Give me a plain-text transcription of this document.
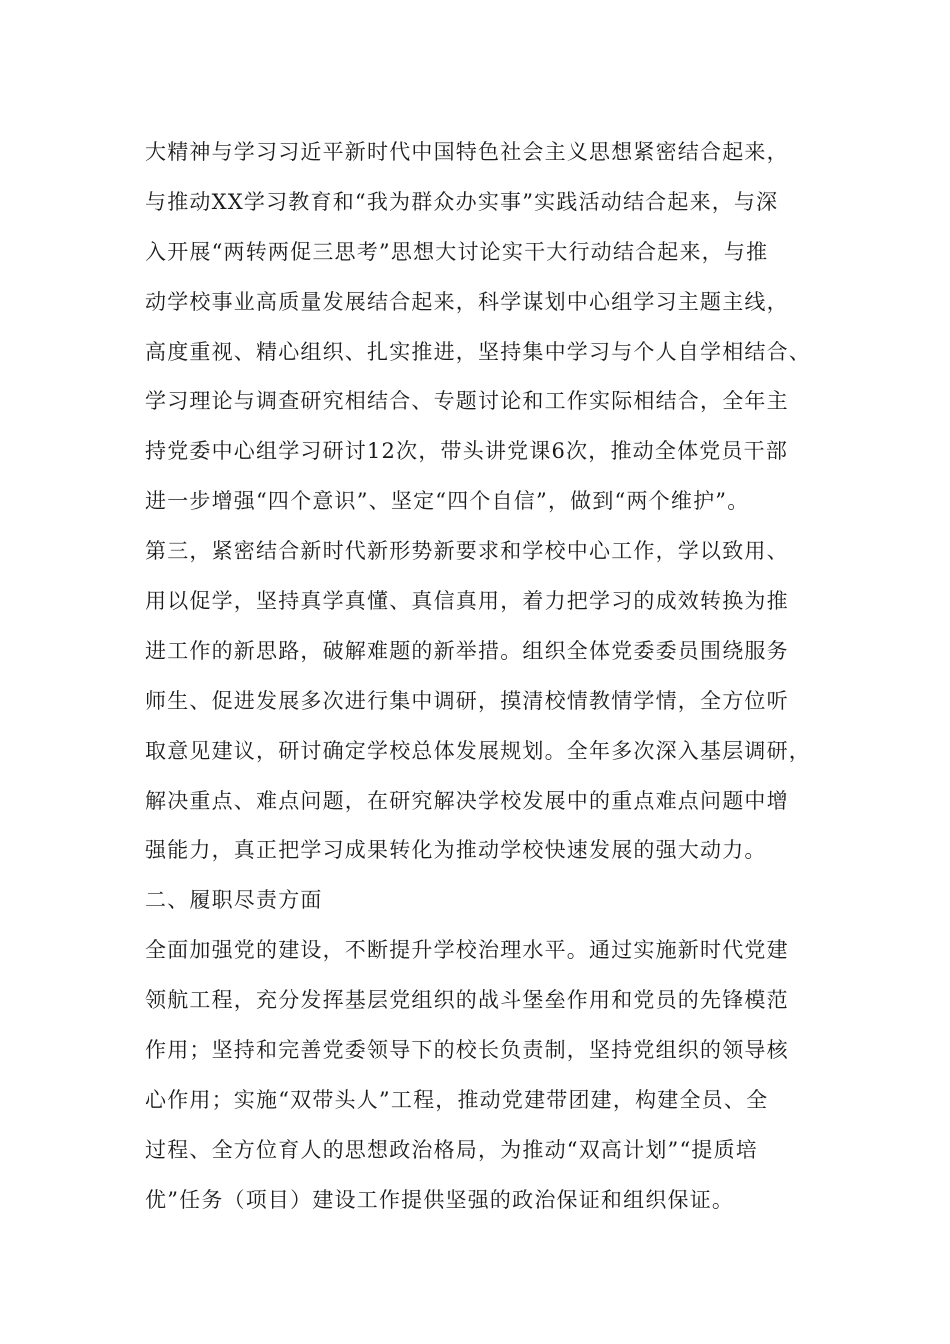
大精神与学习习近平新时代中国特色社会主义思想紧密结合起来，
与推动XX学习教育和“我为群众办实事”实践活动结合起来，与深
入开展“两转两促三思考”思想大讨论实干大行动结合起来，与推
动学校事业高质量发展结合起来，科学谋划中心组学习主题主线，
高度重视、精心组织、扎实推进，坚持集中学习与个人自学相结合、
学习理论与调查研究相结合、专题讨论和工作实际相结合，全年主
持党委中心组学习研讨12次，带头讲党课6次，推动全体党员干部
进一步增强“四个意识”、坚定“四个自信”，做到“两个维护”。
第三，紧密结合新时代新形势新要求和学校中心工作，学以致用、
用以促学，坚持真学真懂、真信真用，着力把学习的成效转换为推
进工作的新思路，破解难题的新举措。组织全体党委委员围绕服务
师生、促进发展多次进行集中调研，摸清校情教情学情，全方位听
取意见建议，研讨确定学校总体发展规划。全年多次深入基层调研，
解决重点、难点问题，在研究解决学校发展中的重点难点问题中增
强能力，真正把学习成果转化为推动学校快速发展的强大动力。
二、履职尽责方面
全面加强党的建设，不断提升学校治理水平。通过实施新时代党建
领航工程，充分发挥基层党组织的战斗堡垒作用和党员的先锋模范
作用；坚持和完善党委领导下的校长负责制，坚持党组织的领导核
心作用；实施“双带头人”工程，推动党建带团建，构建全员、全
过程、全方位育人的思想政治格局，为推动“双高计划”“提质培
优”任务（项目）建设工作提供坚强的政治保证和组织保证。
